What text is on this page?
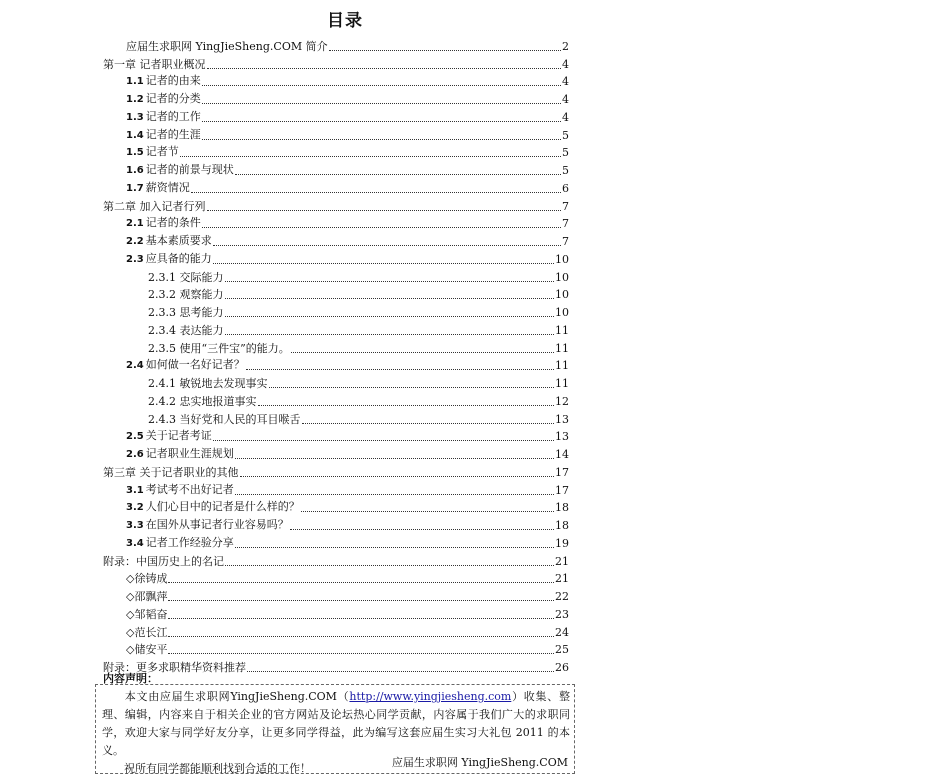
目录
应届生求职网 YingJieSheng.COM 简介	2
第一章 记者职业概况	4
1.1 记者的由来	4
1.2 记者的分类	4
1.3 记者的工作	4
1.4 记者的生涯	5
1.5 记者节	5
1.6 记者的前景与现状	5
1.7 薪资情况	6
第二章 加入记者行列	7
2.1 记者的条件	7
2.2 基本素质要求	7
2.3 应具备的能力	10
2.3.1 交际能力	10
2.3.2 观察能力	10
2.3.3 思考能力	10
2.3.4 表达能力	11
2.3.5 使用“三件宝”的能力。	11
2.4 如何做一名好记者？	11
2.4.1 敏锐地去发现事实	11
2.4.2 忠实地报道事实	12
2.4.3 当好党和人民的耳目喉舌	13
2.5 关于记者考证	13
2.6 记者职业生涯规划	14
第三章 关于记者职业的其他	17
3.1 考试考不出好记者	17
3.2 人们心目中的记者是什么样的？	18
3.3 在国外从事记者行业容易吗？	18
3.4 记者工作经验分享	19
附录：中国历史上的名记	21
◇徐铸成	21
◇邵飘萍	22
◇邹韬奋	23
◇范长江	24
◇储安平	25
附录：更多求职精华资料推荐	26
内容声明：
本文由应届生求职网YingJieSheng.COM（http://www.yingjiesheng.com）收集、整理、编辑，内容来自于相关企业的官方网站及论坛热心同学贡献，内容属于我们广大的求职同学，欢迎大家与同学好友分享，让更多同学得益，此为编写这套应届生实习大礼包 2011 的本义。
祝所有同学都能顺利找到合适的工作！	应届生求职网 YingJieSheng.COM
